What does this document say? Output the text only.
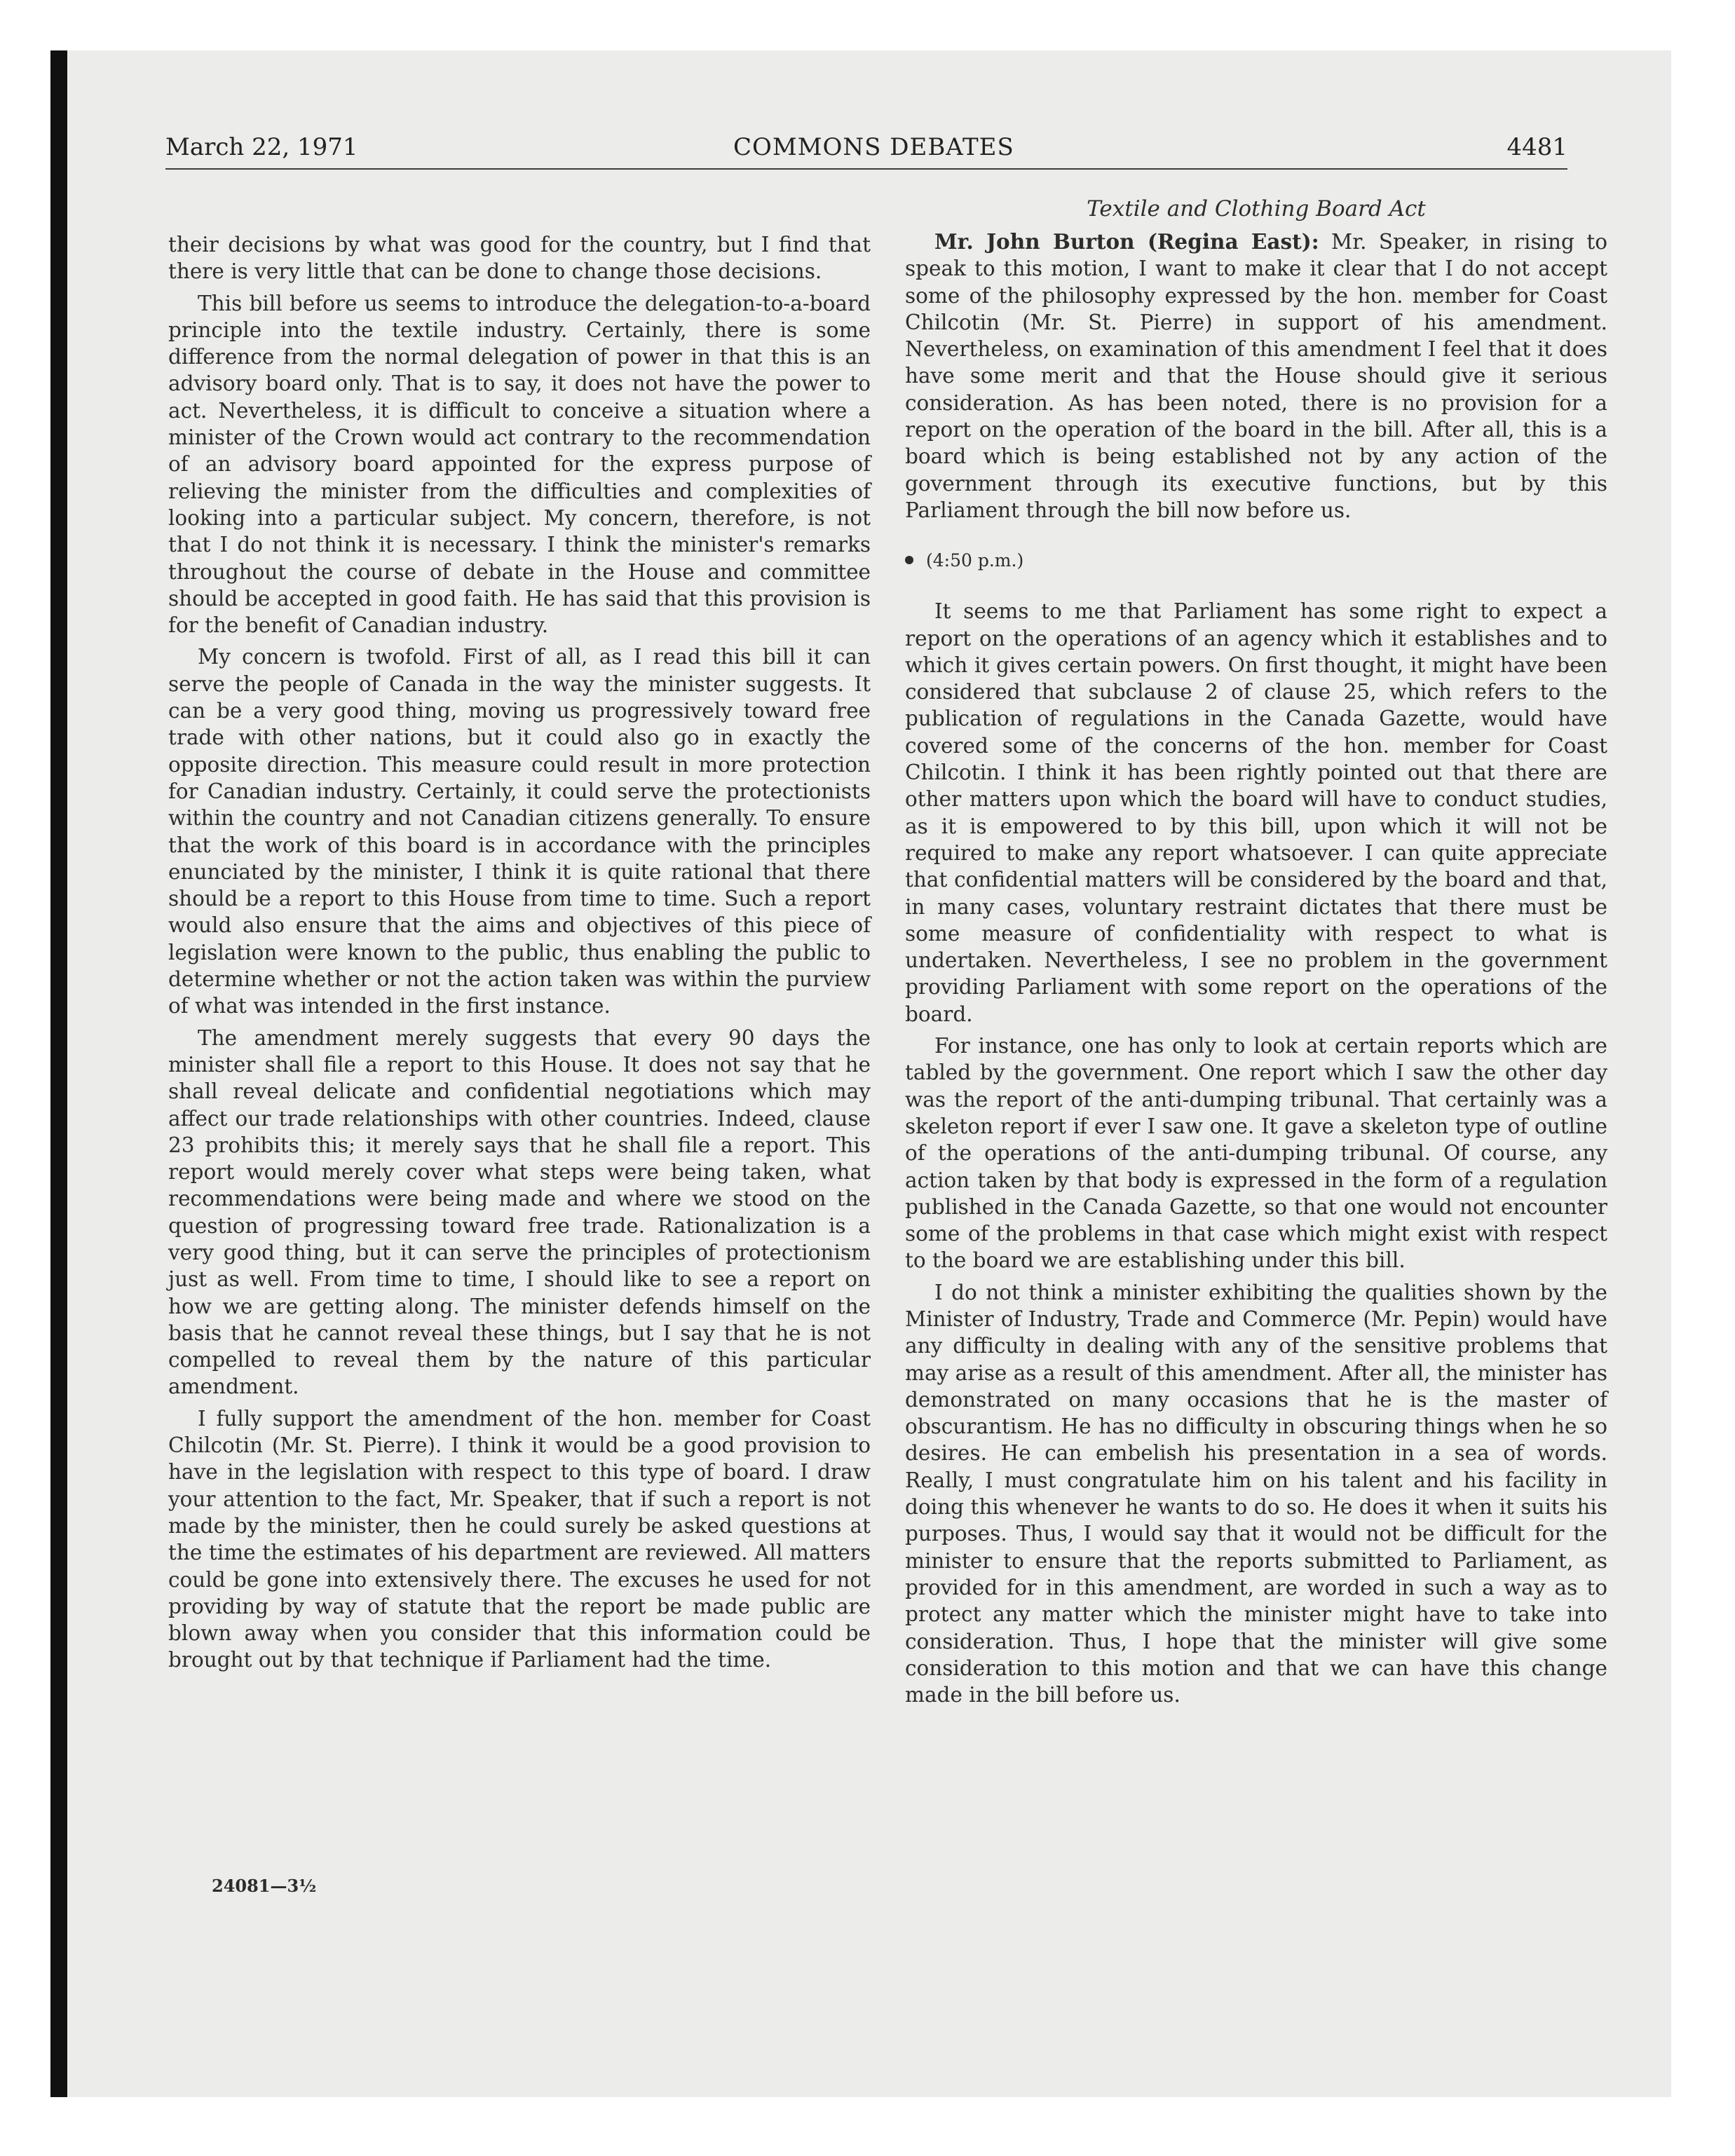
March 22, 1971	COMMONS DEBATES	4481

their decisions by what was good for the country, but I find that there is very little that can be done to change those decisions.

This bill before us seems to introduce the delegation-to-a-board principle into the textile industry. Certainly, there is some difference from the normal delegation of power in that this is an advisory board only. That is to say, it does not have the power to act. Nevertheless, it is difficult to conceive a situation where a minister of the Crown would act contrary to the recommendation of an advisory board appointed for the express purpose of relieving the minister from the difficulties and complexities of looking into a particular subject. My concern, therefore, is not that I do not think it is necessary. I think the minister's remarks throughout the course of debate in the House and committee should be accepted in good faith. He has said that this provision is for the benefit of Canadian industry.

My concern is twofold. First of all, as I read this bill it can serve the people of Canada in the way the minister suggests. It can be a very good thing, moving us progressively toward free trade with other nations, but it could also go in exactly the opposite direction. This measure could result in more protection for Canadian industry. Certainly, it could serve the protectionists within the country and not Canadian citizens generally. To ensure that the work of this board is in accordance with the principles enunciated by the minister, I think it is quite rational that there should be a report to this House from time to time. Such a report would also ensure that the aims and objectives of this piece of legislation were known to the public, thus enabling the public to determine whether or not the action taken was within the purview of what was intended in the first instance.

The amendment merely suggests that every 90 days the minister shall file a report to this House. It does not say that he shall reveal delicate and confidential negotiations which may affect our trade relationships with other countries. Indeed, clause 23 prohibits this; it merely says that he shall file a report. This report would merely cover what steps were being taken, what recommendations were being made and where we stood on the question of progressing toward free trade. Rationalization is a very good thing, but it can serve the principles of protectionism just as well. From time to time, I should like to see a report on how we are getting along. The minister defends himself on the basis that he cannot reveal these things, but I say that he is not compelled to reveal them by the nature of this particular amendment.

I fully support the amendment of the hon. member for Coast Chilcotin (Mr. St. Pierre). I think it would be a good provision to have in the legislation with respect to this type of board. I draw your attention to the fact, Mr. Speaker, that if such a report is not made by the minister, then he could surely be asked questions at the time the estimates of his department are reviewed. All matters could be gone into extensively there. The excuses he used for not providing by way of statute that the report be made public are blown away when you consider that this information could be brought out by that technique if Parliament had the time.

24081—3½
Textile and Clothing Board Act

Mr. John Burton (Regina East): Mr. Speaker, in rising to speak to this motion, I want to make it clear that I do not accept some of the philosophy expressed by the hon. member for Coast Chilcotin (Mr. St. Pierre) in support of his amendment. Nevertheless, on examination of this amendment I feel that it does have some merit and that the House should give it serious consideration. As has been noted, there is no provision for a report on the operation of the board in the bill. After all, this is a board which is being established not by any action of the government through its executive functions, but by this Parliament through the bill now before us.

(4:50 p.m.)

It seems to me that Parliament has some right to expect a report on the operations of an agency which it establishes and to which it gives certain powers. On first thought, it might have been considered that subclause 2 of clause 25, which refers to the publication of regulations in the Canada Gazette, would have covered some of the concerns of the hon. member for Coast Chilcotin. I think it has been rightly pointed out that there are other matters upon which the board will have to conduct studies, as it is empowered to by this bill, upon which it will not be required to make any report whatsoever. I can quite appreciate that confidential matters will be considered by the board and that, in many cases, voluntary restraint dictates that there must be some measure of confidentiality with respect to what is undertaken. Nevertheless, I see no problem in the government providing Parliament with some report on the operations of the board.

For instance, one has only to look at certain reports which are tabled by the government. One report which I saw the other day was the report of the anti-dumping tribunal. That certainly was a skeleton report if ever I saw one. It gave a skeleton type of outline of the operations of the anti-dumping tribunal. Of course, any action taken by that body is expressed in the form of a regulation published in the Canada Gazette, so that one would not encounter some of the problems in that case which might exist with respect to the board we are establishing under this bill.

I do not think a minister exhibiting the qualities shown by the Minister of Industry, Trade and Commerce (Mr. Pepin) would have any difficulty in dealing with any of the sensitive problems that may arise as a result of this amendment. After all, the minister has demonstrated on many occasions that he is the master of obscurantism. He has no difficulty in obscuring things when he so desires. He can embelish his presentation in a sea of words. Really, I must congratulate him on his talent and his facility in doing this whenever he wants to do so. He does it when it suits his purposes. Thus, I would say that it would not be difficult for the minister to ensure that the reports submitted to Parliament, as provided for in this amendment, are worded in such a way as to protect any matter which the minister might have to take into consideration. Thus, I hope that the minister will give some consideration to this motion and that we can have this change made in the bill before us.
